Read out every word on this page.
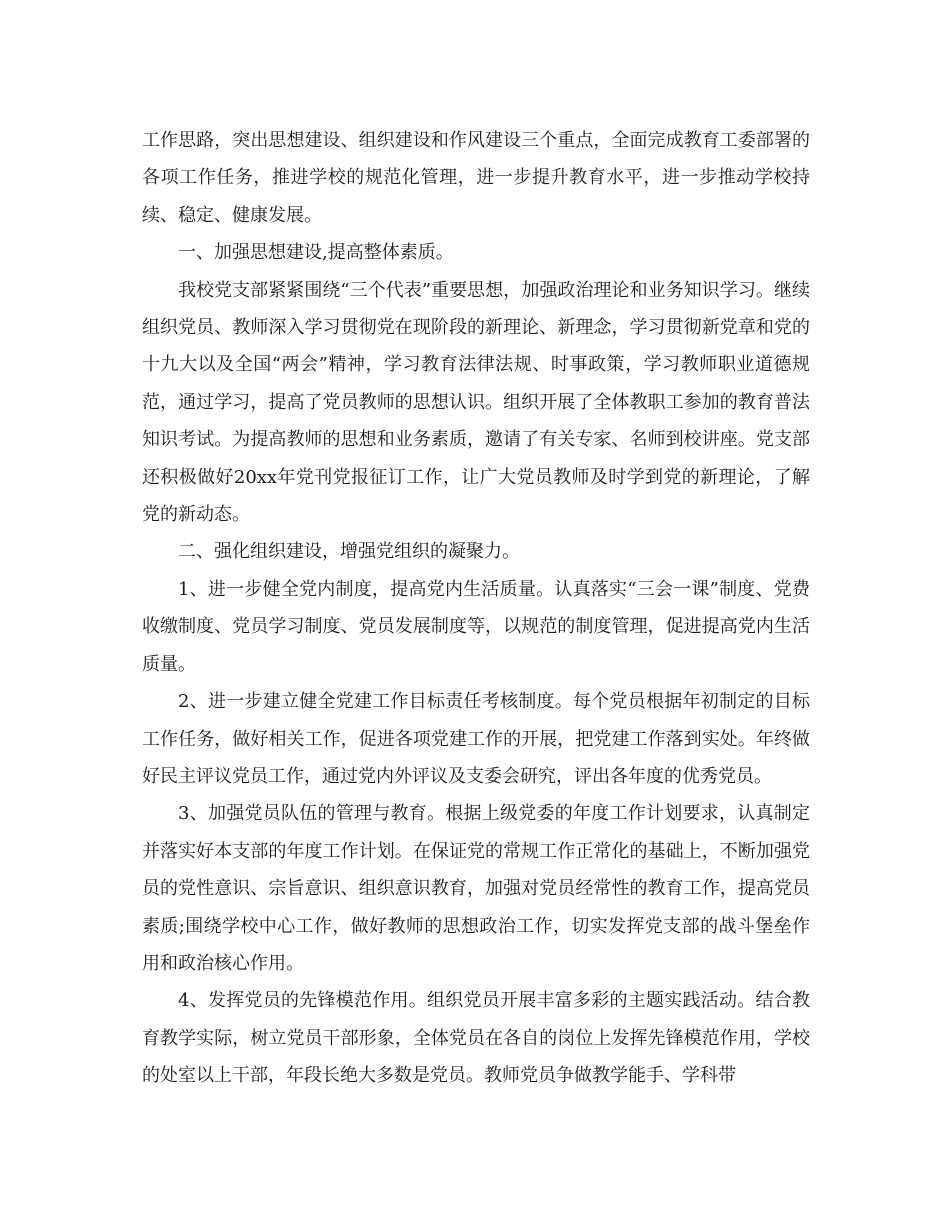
工作思路，突出思想建设、组织建设和作风建设三个重点，全面完成教育工委部署的各项工作任务，推进学校的规范化管理，进一步提升教育水平，进一步推动学校持续、稳定、健康发展。

一、加强思想建设,提高整体素质。

我校党支部紧紧围绕“三个代表”重要思想，加强政治理论和业务知识学习。继续组织党员、教师深入学习贯彻党在现阶段的新理论、新理念，学习贯彻新党章和党的十九大以及全国“两会”精神，学习教育法律法规、时事政策，学习教师职业道德规范，通过学习，提高了党员教师的思想认识。组织开展了全体教职工参加的教育普法知识考试。为提高教师的思想和业务素质，邀请了有关专家、名师到校讲座。党支部还积极做好20xx年党刊党报征订工作，让广大党员教师及时学到党的新理论，了解党的新动态。

二、强化组织建设，增强党组织的凝聚力。

1、进一步健全党内制度，提高党内生活质量。认真落实“三会一课”制度、党费收缴制度、党员学习制度、党员发展制度等，以规范的制度管理，促进提高党内生活质量。

2、进一步建立健全党建工作目标责任考核制度。每个党员根据年初制定的目标工作任务，做好相关工作，促进各项党建工作的开展，把党建工作落到实处。年终做好民主评议党员工作，通过党内外评议及支委会研究，评出各年度的优秀党员。

3、加强党员队伍的管理与教育。根据上级党委的年度工作计划要求，认真制定并落实好本支部的年度工作计划。在保证党的常规工作正常化的基础上，不断加强党员的党性意识、宗旨意识、组织意识教育，加强对党员经常性的教育工作，提高党员素质;围绕学校中心工作，做好教师的思想政治工作，切实发挥党支部的战斗堡垒作用和政治核心作用。

4、发挥党员的先锋模范作用。组织党员开展丰富多彩的主题实践活动。结合教育教学实际，树立党员干部形象，全体党员在各自的岗位上发挥先锋模范作用，学校的处室以上干部，年段长绝大多数是党员。教师党员争做教学能手、学科带
